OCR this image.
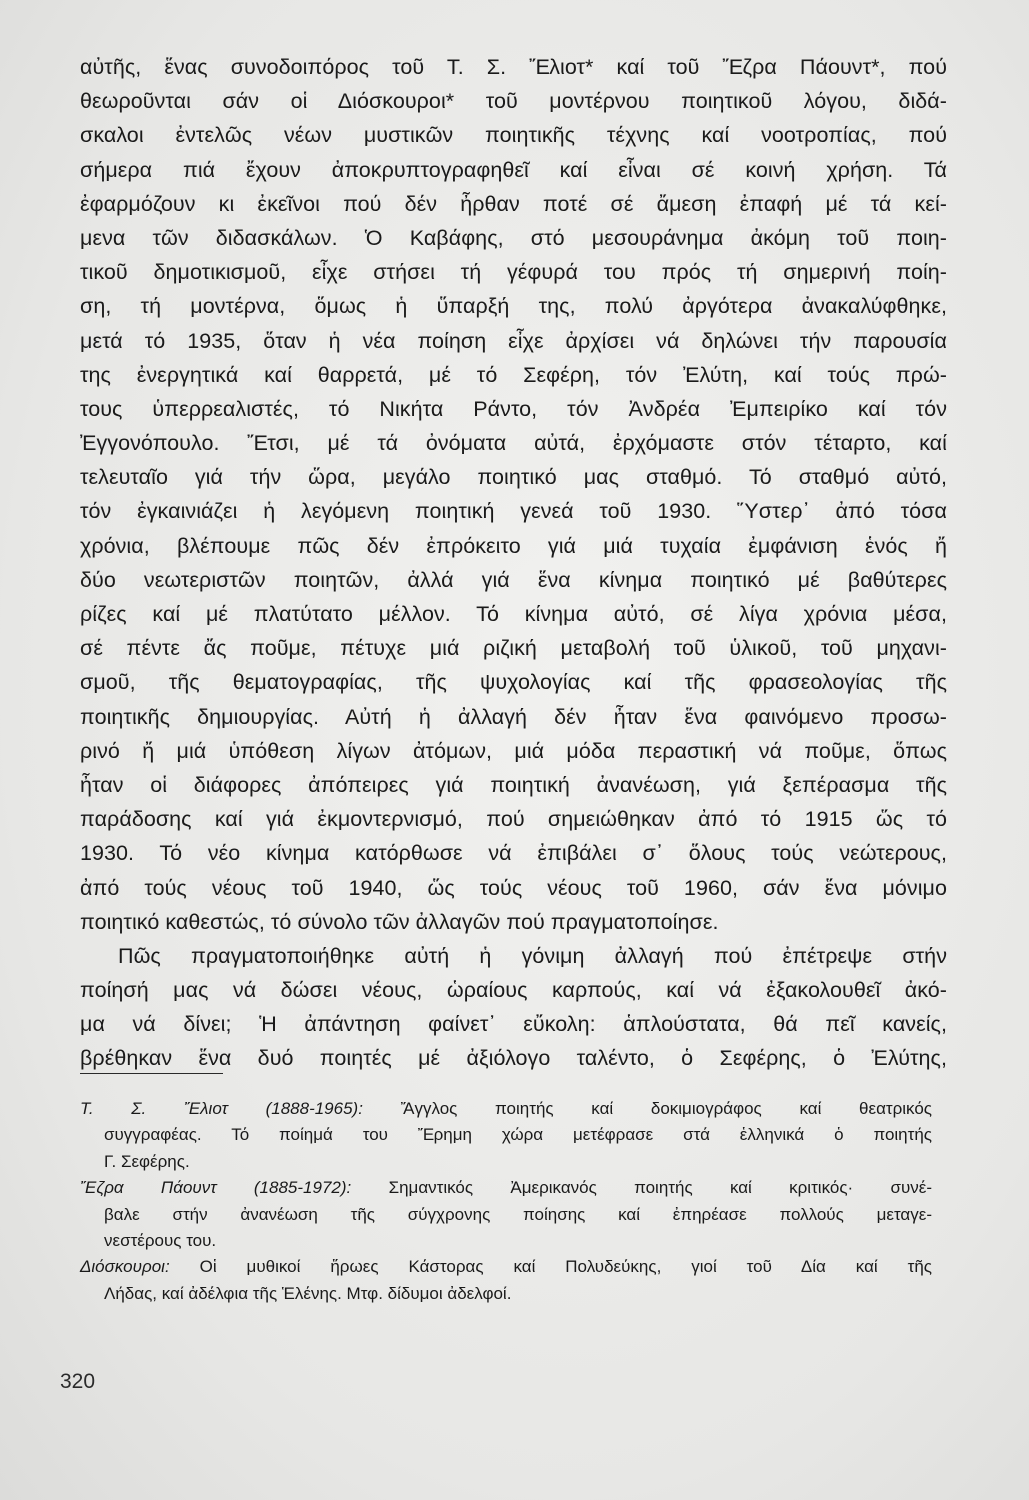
αὐτῆς, ἕνας συνοδοιπόρος τοῦ Τ. Σ. Ἔλιοτ* καί τοῦ Ἔζρα Πάουντ*, πού
θεωροῦνται σάν οἱ Διόσκουροι* τοῦ μοντέρνου ποιητικοῦ λόγου, διδά-
σκαλοι ἐντελῶς νέων μυστικῶν ποιητικῆς τέχνης καί νοοτροπίας, πού
σήμερα πιά ἔχουν ἀποκρυπτογραφηθεῖ καί εἶναι σέ κοινή χρήση. Τά
ἐφαρμόζουν κι ἐκεῖνοι πού δέν ἦρθαν ποτέ σέ ἄμεση ἐπαφή μέ τά κεί-
μενα τῶν διδασκάλων. Ὁ Καβάφης, στό μεσουράνημα ἀκόμη τοῦ ποιη-
τικοῦ δημοτικισμοῦ, εἶχε στήσει τή γέφυρά του πρός τή σημερινή ποίη-
ση, τή μοντέρνα, ὅμως ἡ ὕπαρξή της, πολύ ἀργότερα ἀνακαλύφθηκε,
μετά τό 1935, ὅταν ἡ νέα ποίηση εἶχε ἀρχίσει νά δηλώνει τήν παρουσία
της ἐνεργητικά καί θαρρετά, μέ τό Σεφέρη, τόν Ἐλύτη, καί τούς πρώ-
τους ὑπερρεαλιστές, τό Νικήτα Ράντο, τόν Ἀνδρέα Ἐμπειρίκο καί τόν
Ἐγγονόπουλο. Ἔτσι, μέ τά ὀνόματα αὐτά, ἐρχόμαστε στόν τέταρτο, καί
τελευταῖο γιά τήν ὥρα, μεγάλο ποιητικό μας σταθμό. Τό σταθμό αὐτό,
τόν ἐγκαινιάζει ἡ λεγόμενη ποιητική γενεά τοῦ 1930. Ὕστερ᾽ ἀπό τόσα
χρόνια, βλέπουμε πῶς δέν ἐπρόκειτο γιά μιά τυχαία ἐμφάνιση ἑνός ἤ
δύο νεωτεριστῶν ποιητῶν, ἀλλά γιά ἕνα κίνημα ποιητικό μέ βαθύτερες
ρίζες καί μέ πλατύτατο μέλλον. Τό κίνημα αὐτό, σέ λίγα χρόνια μέσα,
σέ πέντε ἄς ποῦμε, πέτυχε μιά ριζική μεταβολή τοῦ ὑλικοῦ, τοῦ μηχανι-
σμοῦ, τῆς θεματογραφίας, τῆς ψυχολογίας καί τῆς φρασεολογίας τῆς
ποιητικῆς δημιουργίας. Αὐτή ἡ ἀλλαγή δέν ἦταν ἕνα φαινόμενο προσω-
ρινό ἤ μιά ὑπόθεση λίγων ἀτόμων, μιά μόδα περαστική νά ποῦμε, ὅπως
ἦταν οἱ διάφορες ἀπόπειρες γιά ποιητική ἀνανέωση, γιά ξεπέρασμα τῆς
παράδοσης καί γιά ἐκμοντερνισμό, πού σημειώθηκαν ἀπό τό 1915 ὥς τό
1930. Τό νέο κίνημα κατόρθωσε νά ἐπιβάλει σ᾽ ὅλους τούς νεώτερους,
ἀπό τούς νέους τοῦ 1940, ὥς τούς νέους τοῦ 1960, σάν ἕνα μόνιμο
ποιητικό καθεστώς, τό σύνολο τῶν ἀλλαγῶν πού πραγματοποίησε.
Πῶς πραγματοποιήθηκε αὐτή ἡ γόνιμη ἀλλαγή πού ἐπέτρεψε στήν
ποίησή μας νά δώσει νέους, ὡραίους καρπούς, καί νά ἐξακολουθεῖ ἀκό-
μα νά δίνει; Ἡ ἀπάντηση φαίνετ᾽ εὔκολη: ἁπλούστατα, θά πεῖ κανείς,
βρέθηκαν ἕνα δυό ποιητές μέ ἀξιόλογο ταλέντο, ὁ Σεφέρης, ὁ Ἐλύτης,
Τ. Σ. Ἔλιοτ (1888-1965): Ἄγγλος ποιητής καί δοκιμιογράφος καί θεατρικός
συγγραφέας. Τό ποίημά του Ἔρημη χώρα μετέφρασε στά ἑλληνικά ὁ ποιητής
Γ. Σεφέρης.
Ἔζρα Πάουντ (1885-1972): Σημαντικός Ἀμερικανός ποιητής καί κριτικός· συνέ-
βαλε στήν ἀνανέωση τῆς σύγχρονης ποίησης καί ἐπηρέασε πολλούς μεταγε-
νεστέρους του.
Διόσκουροι: Οἱ μυθικοί ἥρωες Κάστορας καί Πολυδεύκης, γιοί τοῦ Δία καί τῆς
Λήδας, καί ἀδέλφια τῆς Ἑλένης. Μτφ. δίδυμοι ἀδελφοί.
320
